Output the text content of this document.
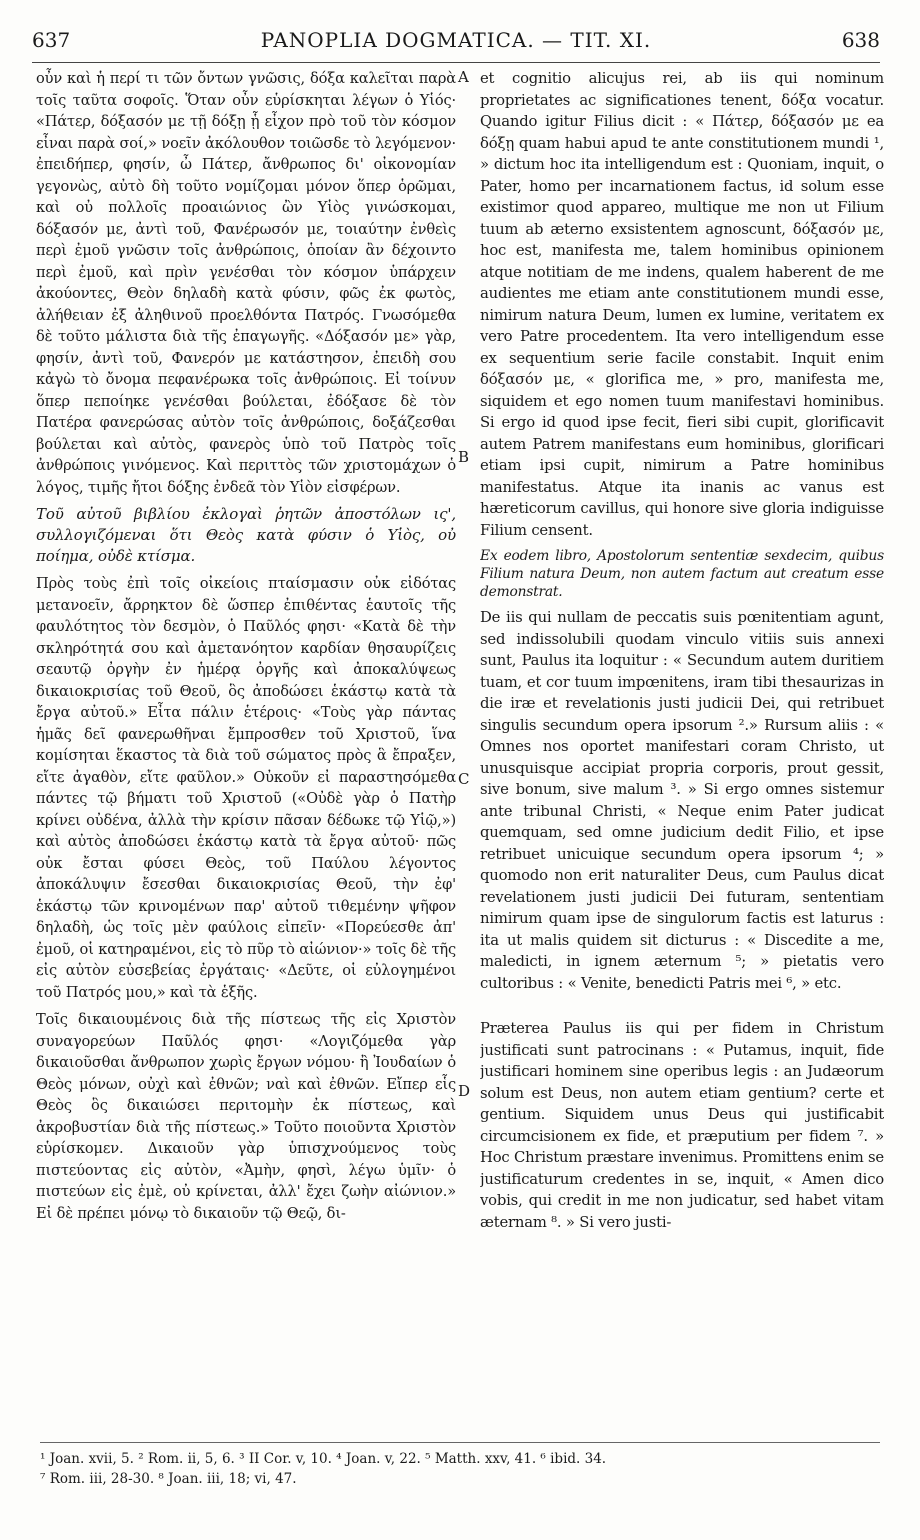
637	PANOPLIA DOGMATICA. — TIT. XI.	638

οὖν καὶ ἡ περί τι τῶν ὄντων γνῶσις, δόξα καλεῖται παρὰ τοῖς ταῦτα σοφοῖς. Ὅταν οὖν εὑρίσκηται λέγων ὁ Υἱός· «Πάτερ, δόξασόν με τῇ δόξῃ ᾗ εἶχον πρὸ τοῦ τὸν κόσμον εἶναι παρὰ σοί,» νοεῖν ἀκόλουθον τοιῶσδε τὸ λεγόμενον· ἐπειδήπερ, φησίν, ὦ Πάτερ, ἄνθρωπος δι' οἰκονομίαν γεγονὼς, αὐτὸ δὴ τοῦτο νομίζομαι μόνον ὅπερ ὁρῶμαι, καὶ οὐ πολλοῖς προαιώνιος ὢν Υἱὸς γινώσκομαι, δόξασόν με, ἀντὶ τοῦ, Φανέρωσόν με, τοιαύτην ἐνθεὶς περὶ ἐμοῦ γνῶσιν τοῖς ἀνθρώποις, ὁποίαν ἂν δέχοιντο περὶ ἐμοῦ, καὶ πρὶν γενέσθαι τὸν κόσμον ὑπάρχειν ἀκούοντες, Θεὸν δηλαδὴ κατὰ φύσιν, φῶς ἐκ φωτὸς, ἀλήθειαν ἐξ ἀληθινοῦ προελθόντα Πατρός. Γνωσόμεθα δὲ τοῦτο μάλιστα διὰ τῆς ἐπαγωγῆς. «Δόξασόν με» γὰρ, φησίν, ἀντὶ τοῦ, Φανερόν με κατάστησον, ἐπειδὴ σου κἀγὼ τὸ ὄνομα πεφανέρωκα τοῖς ἀνθρώποις. Εἰ τοίνυν ὅπερ πεποίηκε γενέσθαι βούλεται, ἐδόξασε δὲ τὸν Πατέρα φανερώσας αὐτὸν τοῖς ἀνθρώποις, δοξάζεσθαι βούλεται καὶ αὐτὸς, φανερὸς ὑπὸ τοῦ Πατρὸς τοῖς ἀνθρώποις γινόμενος. Καὶ περιττὸς τῶν χριστομάχων ὁ λόγος, τιμῆς ἤτοι δόξης ἐνδεᾶ τὸν Υἱὸν εἰσφέρων.

Τοῦ αὐτοῦ βιβλίου ἐκλογαὶ ῥητῶν ἀποστόλων ις', συλλογιζόμεναι ὅτι Θεὸς κατὰ φύσιν ὁ Υἱὸς, οὐ ποίημα, οὐδὲ κτίσμα.

Πρὸς τοὺς ἐπὶ τοῖς οἰκείοις πταίσμασιν οὐκ εἰδότας μετανοεῖν, ἄρρηκτον δὲ ὥσπερ ἐπιθέντας ἑαυτοῖς τῆς φαυλότητος τὸν δεσμὸν, ὁ Παῦλός φησι· «Κατὰ δὲ τὴν σκληρότητά σου καὶ ἀμετανόητον καρδίαν θησαυρίζεις σεαυτῷ ὀργὴν ἐν ἡμέρᾳ ὀργῆς καὶ ἀποκαλύψεως δικαιοκρισίας τοῦ Θεοῦ, ὃς ἀποδώσει ἑκάστῳ κατὰ τὰ ἔργα αὐτοῦ.» Εἶτα πάλιν ἑτέροις· «Τοὺς γὰρ πάντας ἡμᾶς δεῖ φανερωθῆναι ἔμπροσθεν τοῦ Χριστοῦ, ἵνα κομίσηται ἕκαστος τὰ διὰ τοῦ σώματος πρὸς ἃ ἔπραξεν, εἴτε ἀγαθὸν, εἴτε φαῦλον.» Οὐκοῦν εἰ παραστησόμεθα πάντες τῷ βήματι τοῦ Χριστοῦ («Οὐδὲ γὰρ ὁ Πατὴρ κρίνει οὐδένα, ἀλλὰ τὴν κρίσιν πᾶσαν δέδωκε τῷ Υἱῷ,») καὶ αὐτὸς ἀποδώσει ἑκάστῳ κατὰ τὰ ἔργα αὐτοῦ· πῶς οὐκ ἔσται φύσει Θεὸς, τοῦ Παύλου λέγοντος ἀποκάλυψιν ἔσεσθαι δικαιοκρισίας Θεοῦ, τὴν ἐφ' ἑκάστῳ τῶν κρινομένων παρ' αὐτοῦ τιθεμένην ψῆφον δηλαδὴ, ὡς τοῖς μὲν φαύλοις εἰπεῖν· «Πορεύεσθε ἀπ' ἐμοῦ, οἱ κατηραμένοι, εἰς τὸ πῦρ τὸ αἰώνιον·» τοῖς δὲ τῆς εἰς αὐτὸν εὐσεβείας ἐργάταις· «Δεῦτε, οἱ εὐλογημένοι τοῦ Πατρός μου,» καὶ τὰ ἑξῆς.

Τοῖς δικαιουμένοις διὰ τῆς πίστεως τῆς εἰς Χριστὸν συναγορεύων Παῦλός φησι· «Λογιζόμεθα γὰρ δικαιοῦσθαι ἄνθρωπον χωρὶς ἔργων νόμου· ἢ Ἰουδαίων ὁ Θεὸς μόνων, οὐχὶ καὶ ἐθνῶν; ναὶ καὶ ἐθνῶν. Εἴπερ εἷς Θεὸς ὃς δικαιώσει περιτομὴν ἐκ πίστεως, καὶ ἀκροβυστίαν διὰ τῆς πίστεως.» Τοῦτο ποιοῦντα Χριστὸν εὑρίσκομεν. Δικαιοῦν γὰρ ὑπισχνούμενος τοὺς πιστεύοντας εἰς αὐτὸν, «Ἀμὴν, φησὶ, λέγω ὑμῖν· ὁ πιστεύων εἰς ἐμὲ, οὐ κρίνεται, ἀλλ' ἔχει ζωὴν αἰώνιον.» Εἰ δὲ πρέπει μόνῳ τὸ δικαιοῦν τῷ Θεῷ, δι-

A
B
C
D

et cognitio alicujus rei, ab iis qui nominum proprietates ac significationes tenent, δόξα vocatur. Quando igitur Filius dicit : « Πάτερ, δόξασόν με ea δόξῃ quam habui apud te ante constitutionem mundi ¹, » dictum hoc ita intelligendum est : Quoniam, inquit, o Pater, homo per incarnationem factus, id solum esse existimor quod appareo, multique me non ut Filium tuum ab æterno exsistentem agnoscunt, δόξασόν με, hoc est, manifesta me, talem hominibus opinionem atque notitiam de me indens, qualem haberent de me audientes me etiam ante constitutionem mundi esse, nimirum natura Deum, lumen ex lumine, veritatem ex vero Patre procedentem. Ita vero intelligendum esse ex sequentium serie facile constabit. Inquit enim δόξασόν με, « glorifica me, » pro, manifesta me, siquidem et ego nomen tuum manifestavi hominibus. Si ergo id quod ipse fecit, fieri sibi cupit, glorificavit autem Patrem manifestans eum hominibus, glorificari etiam ipsi cupit, nimirum a Patre hominibus manifestatus. Atque ita inanis ac vanus est hæreticorum cavillus, qui honore sive gloria indiguisse Filium censent.

Ex eodem libro, Apostolorum sententiæ sexdecim, quibus Filium natura Deum, non autem factum aut creatum esse demonstrat.

De iis qui nullam de peccatis suis pœnitentiam agunt, sed indissolubili quodam vinculo vitiis suis annexi sunt, Paulus ita loquitur : « Secundum autem duritiem tuam, et cor tuum impœnitens, iram tibi thesaurizas in die iræ et revelationis justi judicii Dei, qui retribuet singulis secundum opera ipsorum ².» Rursum aliis : « Omnes nos oportet manifestari coram Christo, ut unusquisque accipiat propria corporis, prout gessit, sive bonum, sive malum ³. » Si ergo omnes sistemur ante tribunal Christi, « Neque enim Pater judicat quemquam, sed omne judicium dedit Filio, et ipse retribuet unicuique secundum opera ipsorum ⁴; » quomodo non erit naturaliter Deus, cum Paulus dicat revelationem justi judicii Dei futuram, sententiam nimirum quam ipse de singulorum factis est laturus : ita ut malis quidem sit dicturus : « Discedite a me, maledicti, in ignem æternum ⁵; » pietatis vero cultoribus : « Venite, benedicti Patris mei ⁶, » etc.

Præterea Paulus iis qui per fidem in Christum justificati sunt patrocinans : « Putamus, inquit, fide justificari hominem sine operibus legis : an Judæorum solum est Deus, non autem etiam gentium? certe et gentium. Siquidem unus Deus qui justificabit circumcisionem ex fide, et præputium per fidem ⁷. » Hoc Christum præstare invenimus. Promittens enim se justificaturum credentes in se, inquit, « Amen dico vobis, qui credit in me non judicatur, sed habet vitam æternam ⁸. » Si vero justi-

¹ Joan. xvii, 5. ² Rom. ii, 5, 6. ³ II Cor. v, 10. ⁴ Joan. v, 22. ⁵ Matth. xxv, 41. ⁶ ibid. 34.
⁷ Rom. iii, 28-30. ⁸ Joan. iii, 18; vi, 47.
